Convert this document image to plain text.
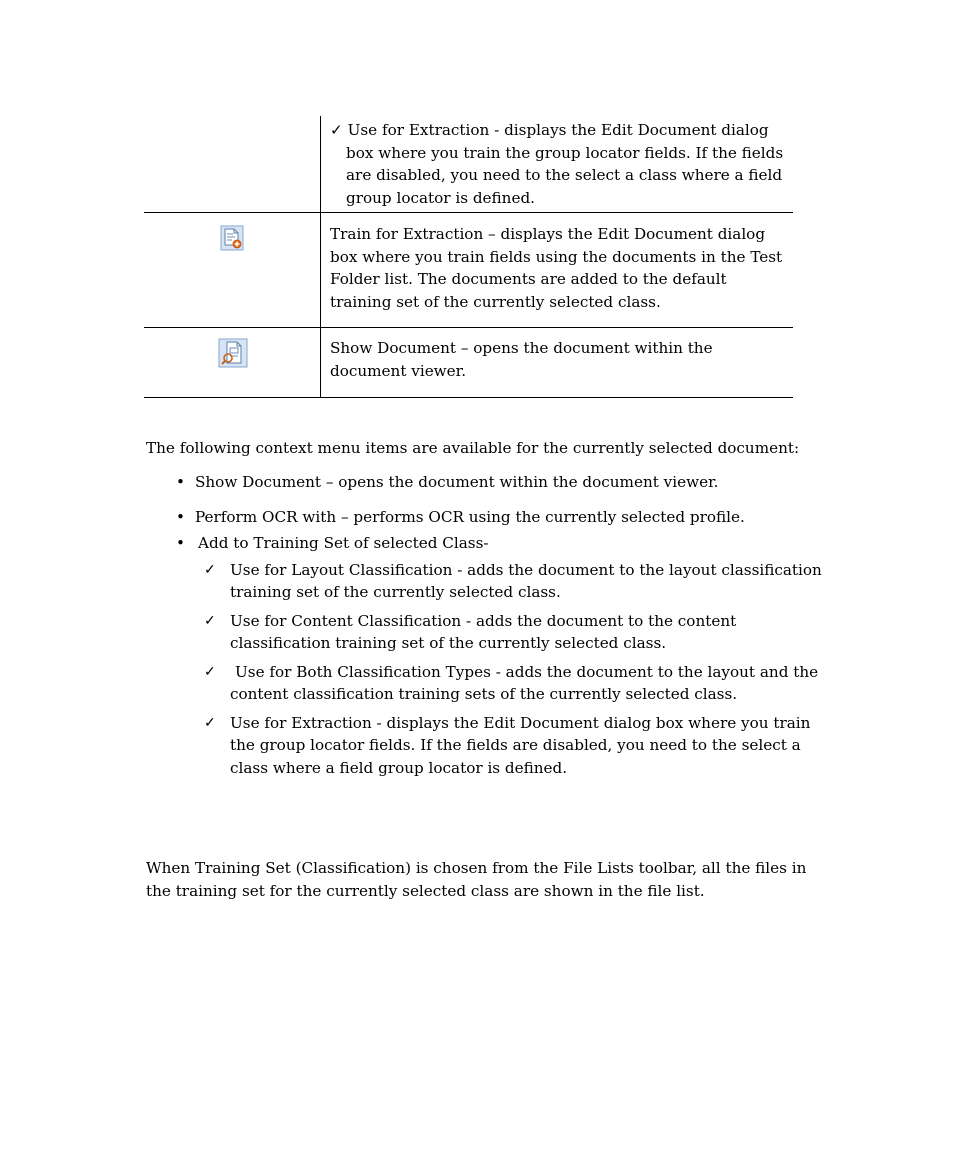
	✓ Use for Extraction - displays the Edit Document dialog box where you train the group locator fields. If the fields are disabled, you need to the select a class where a field group locator is defined.

Train for Extraction – displays the Edit Document dialog box where you train fields using the documents in the Test Folder list. The documents are added to the default training set of the currently selected class.

Show Document – opens the document within the document viewer.

The following context menu items are available for the currently selected document:

• Show Document – opens the document within the document viewer.
• Perform OCR with – performs OCR using the currently selected profile.
• Add to Training Set of selected Class-
✓ Use for Layout Classification - adds the document to the layout classification training set of the currently selected class.
✓ Use for Content Classification - adds the document to the content classification training set of the currently selected class.
✓ Use for Both Classification Types - adds the document to the layout and the content classification training sets of the currently selected class.
✓ Use for Extraction - displays the Edit Document dialog box where you train the group locator fields. If the fields are disabled, you need to the select a class where a field group locator is defined.

When Training Set (Classification) is chosen from the File Lists toolbar, all the files in the training set for the currently selected class are shown in the file list.
